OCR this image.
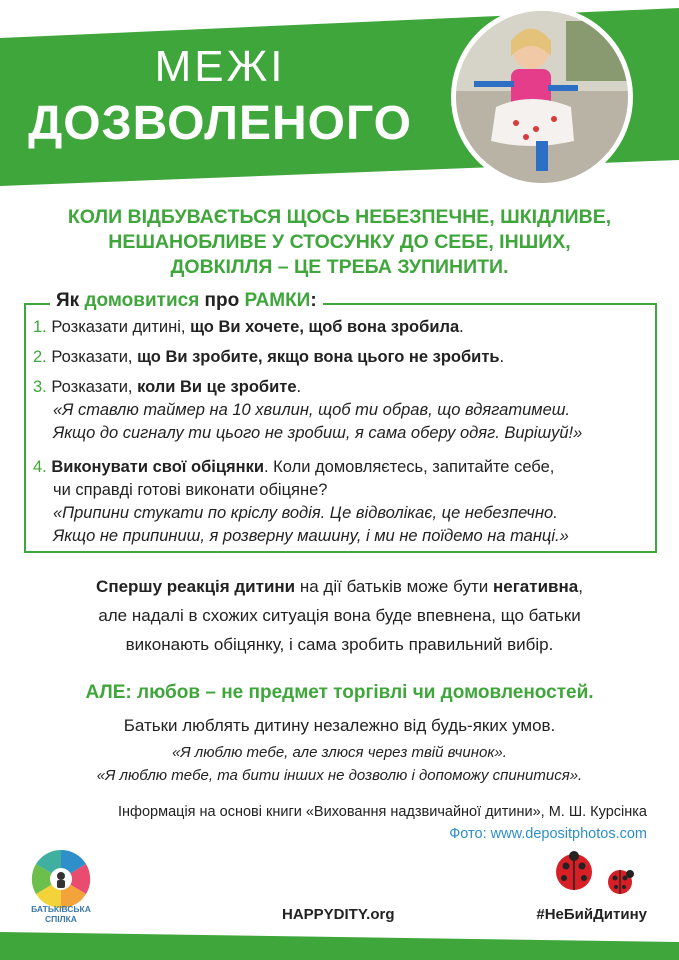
МЕЖІ
ДОЗВОЛЕНОГО
КОЛИ ВІДБУВАЄТЬСЯ ЩОСЬ НЕБЕЗПЕЧНЕ, ШКІДЛИВЕ,
НЕШАНОБЛИВЕ У СТОСУНКУ ДО СЕБЕ, ІНШИХ,
ДОВКІЛЛЯ – ЦЕ ТРЕБА ЗУПИНИТИ.
Як домовитися про РАМКИ:
1. Розказати дитині, що Ви хочете, щоб вона зробила.
2. Розказати, що Ви зробите, якщо вона цього не зробить.
3. Розказати, коли Ви це зробите.
«Я ставлю таймер на 10 хвилин, щоб ти обрав, що вдягатимеш.
Якщо до сигналу ти цього не зробиш, я сама оберу одяг. Вирішуй!»
4. Виконувати свої обіцянки. Коли домовляєтесь, запитайте себе,
чи справді готові виконати обіцяне?
«Припини стукати по кріслу водія. Це відволікає, це небезпечно.
Якщо не припиниш, я розверну машину, і ми не поїдемо на танці.»
Спершу реакція дитини на дії батьків може бути негативна,
але надалі в схожих ситуація вона буде впевнена, що батьки
виконають обіцянку, і сама зробить правильний вибір.
АЛЕ: любов – не предмет торгівлі чи домовленостей.
Батьки люблять дитину незалежно від будь-яких умов.
«Я люблю тебе, але злюся через твій вчинок».
«Я люблю тебе, та бити інших не дозволю і допоможу спинитися».
Інформація на основі книги «Виховання надзвичайної дитини», М. Ш. Курсінка
Фото: www.depositphotos.com
БАТЬКІВСЬКА
СПІЛКА	HAPPYDITY.org	#НеБийДитину
